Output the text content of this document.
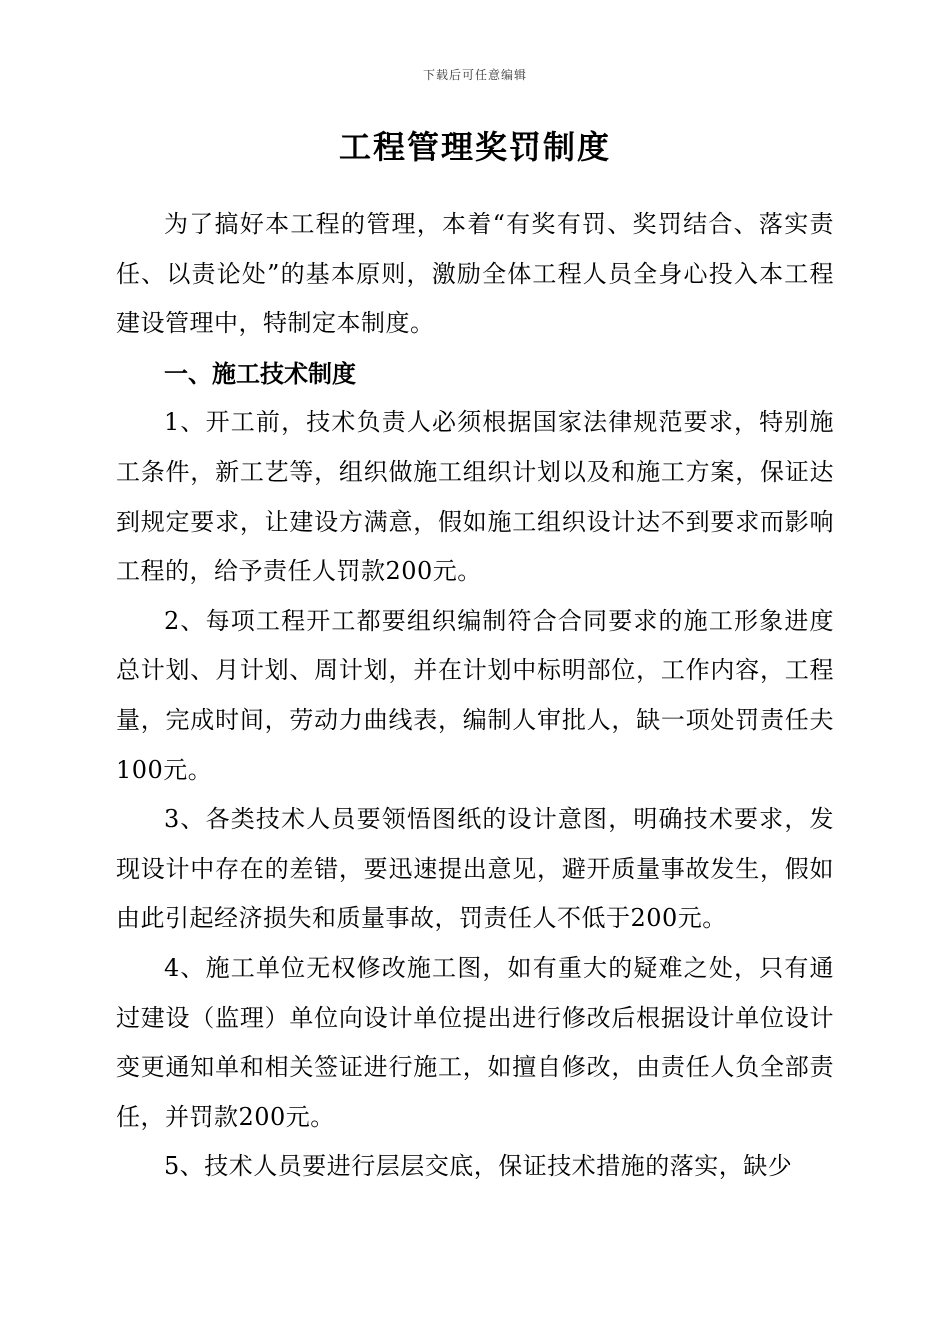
下载后可任意编辑
工程管理奖罚制度

为了搞好本工程的管理，本着“有奖有罚、奖罚结合、落实责任、以责论处”的基本原则，激励全体工程人员全身心投入本工程建设管理中，特制定本制度。

一、施工技术制度

1、开工前，技术负责人必须根据国家法律规范要求，特别施工条件，新工艺等，组织做施工组织计划以及和施工方案，保证达到规定要求，让建设方满意，假如施工组织设计达不到要求而影响工程的，给予责任人罚款200元。

2、每项工程开工都要组织编制符合合同要求的施工形象进度总计划、月计划、周计划，并在计划中标明部位，工作内容，工程量，完成时间，劳动力曲线表，编制人审批人，缺一项处罚责任夫100元。

3、各类技术人员要领悟图纸的设计意图，明确技术要求，发现设计中存在的差错，要迅速提出意见，避开质量事故发生，假如由此引起经济损失和质量事故，罚责任人不低于200元。

4、施工单位无权修改施工图，如有重大的疑难之处，只有通过建设（监理）单位向设计单位提出进行修改后根据设计单位设计变更通知单和相关签证进行施工，如擅自修改，由责任人负全部责任，并罚款200元。

5、技术人员要进行层层交底，保证技术措施的落实，缺少
